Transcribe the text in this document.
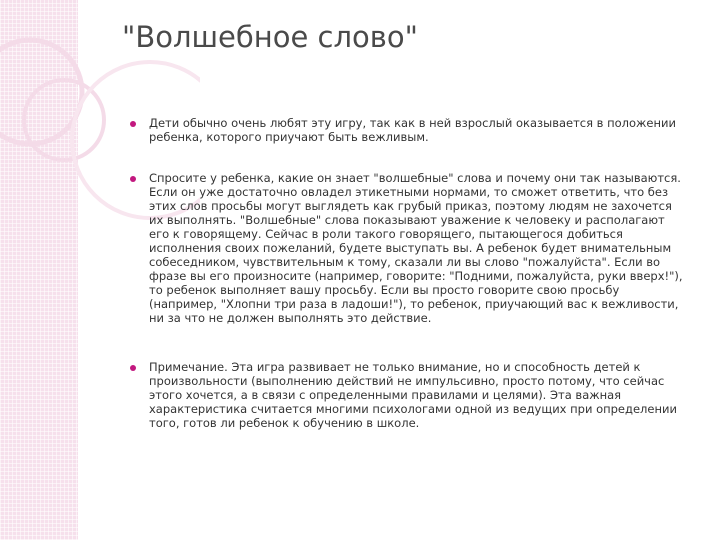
"Волшебное слово"
Дети обычно очень любят эту игру, так как в ней взрослый оказывается в положении ребенка, которого приучают быть вежливым.
Спросите у ребенка, какие он знает "волшебные" слова и почему они так называются. Если он уже достаточно овладел этикетными нормами, то сможет ответить, что без этих слов просьбы могут выглядеть как грубый приказ, поэтому людям не захочется их выполнять. "Волшебные" слова показывают уважение к человеку и располагают его к говорящему. Сейчас в роли такого говорящего, пытающегося добиться исполнения своих пожеланий, будете выступать вы. А ребенок будет внимательным собеседником, чувствительным к тому, сказали ли вы слово "пожалуйста". Если во фразе вы его произносите (например, говорите: "Подними, пожалуйста, руки вверх!"), то ребенок выполняет вашу просьбу. Если вы просто говорите свою просьбу (например, "Хлопни три раза в ладоши!"), то ребенок, приучающий вас к вежливости, ни за что не должен выполнять это действие.
Примечание. Эта игра развивает не только внимание, но и способность детей к произвольности (выполнению действий не импульсивно, просто потому, что сейчас этого хочется, а в связи с определенными правилами и целями). Эта важная характеристика считается многими психологами одной из ведущих при определении того, готов ли ребенок к обучению в школе.
